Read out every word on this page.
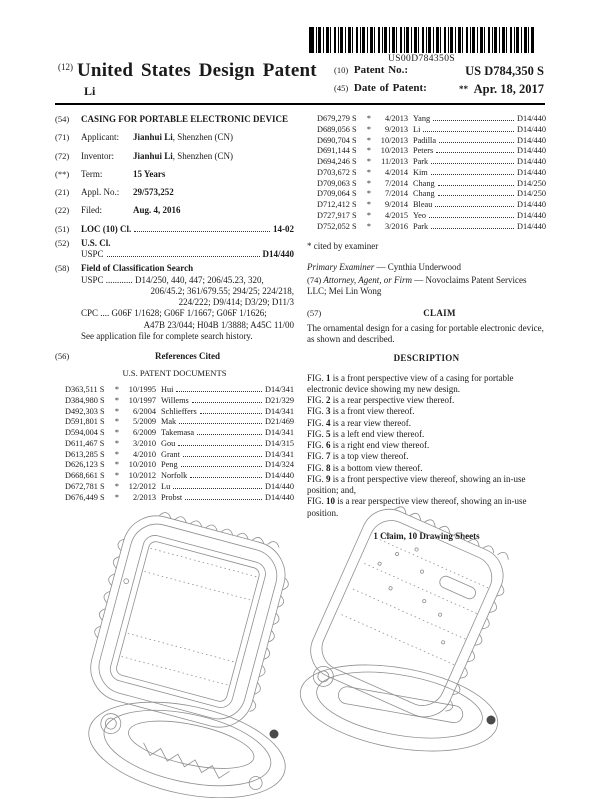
US00D784350S
$^{(12)}$ United States Design Patent
Li
(10) Patent No.:	US D784,350 S
(45) Date of Patent:	** Apr. 18, 2017
(54)	CASING FOR PORTABLE ELECTRONIC DEVICE
(71)	Applicant: Jianhui Li, Shenzhen (CN)
(72)	Inventor: Jianhui Li, Shenzhen (CN)
(**)	Term:	15 Years
(21)	Appl. No.: 29/573,252
(22)	Filed:	Aug. 4, 2016
(51)	LOC (10) Cl.	14-02
(52)	U.S. Cl.
USPC	D14/440
(58)	Field of Classification Search
USPC ............ D14/250, 440, 447; 206/45.23, 320,
206/45.2; 361/679.55; 294/25; 224/218,
224/222; D9/414; D3/29; D11/3
CPC .... G06F 1/1628; G06F 1/1667; G06F 1/1626;
A47B 23/044; H04B 1/3888; A45C 11/00
See application file for complete search history.
(56)	References Cited
U.S. PATENT DOCUMENTS
D363,511 S	*	10/1995 Hui	D14/341
D384,980 S	*	10/1997 Willems	D21/329
D492,303 S	*	6/2004 Schlieffers	D14/341
D591,801 S	*	5/2009 Mak	D21/469
D594,004 S	*	6/2009 Takemasa	D14/341
D611,467 S	*	3/2010 Gou	D14/315
D613,285 S	*	4/2010 Grant	D14/341
D626,123 S	*	10/2010 Peng	D14/324
D668,661 S	*	10/2012 Norfolk	D14/440
D672,781 S	*	12/2012 Lu	D14/440
D676,449 S	*	2/2013 Probst	D14/440
D679,279 S	*	4/2013 Yang	D14/440
D689,056 S	*	9/2013 Li	D14/440
D690,704 S	*	10/2013 Padilla	D14/440
D691,144 S	*	10/2013 Peters	D14/440
D694,246 S	*	11/2013 Park	D14/440
D703,672 S	*	4/2014 Kim	D14/440
D709,063 S	*	7/2014 Chang	D14/250
D709,064 S	*	7/2014 Chang	D14/250
D712,412 S	*	9/2014 Bleau	D14/440
D727,917 S	*	4/2015 Yeo	D14/440
D752,052 S	*	3/2016 Park	D14/440
* cited by examiner
Primary Examiner — Cynthia Underwood
(74) Attorney, Agent, or Firm — Novoclaims Patent Services LLC; Mei Lin Wong
(57)	CLAIM
The ornamental design for a casing for portable electronic device, as shown and described.
DESCRIPTION
FIG. 1 is a front perspective view of a casing for portable electronic device showing my new design.
FIG. 2 is a rear perspective view thereof.
FIG. 3 is a front view thereof.
FIG. 4 is a rear view thereof.
FIG. 5 is a left end view thereof.
FIG. 6 is a right end view thereof.
FIG. 7 is a top view thereof.
FIG. 8 is a bottom view thereof.
FIG. 9 is a front perspective view thereof, showing an in-use position; and,
FIG. 10 is a rear perspective view thereof, showing an in-use position.
1 Claim, 10 Drawing Sheets
